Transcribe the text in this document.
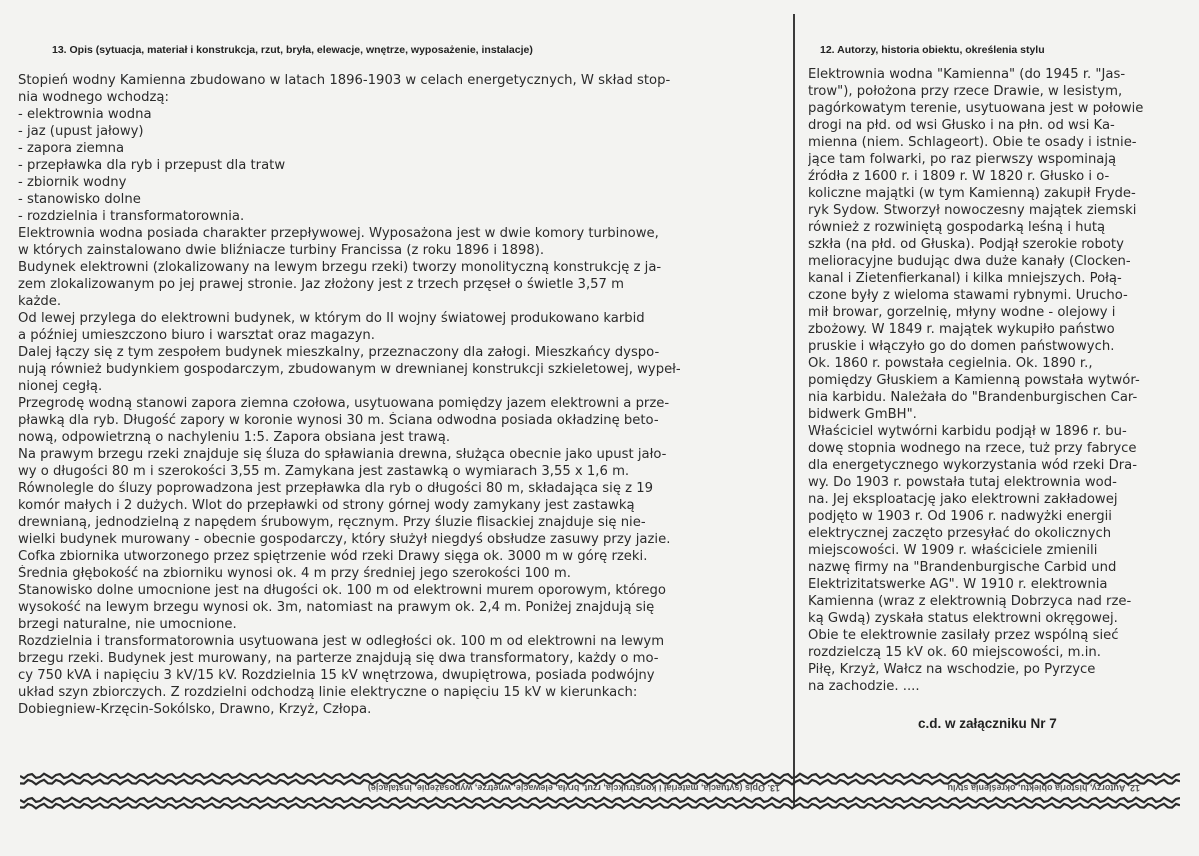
13. Opis (sytuacja, materiał i konstrukcja, rzut, bryła, elewacje, wnętrze, wyposażenie, instalacje)	12. Autorzy, historia obiektu, określenia stylu
Stopień wodny Kamienna zbudowano w latach 1896-1903 w celach energetycznych, W skład stop-
nia wodnego wchodzą:
- elektrownia wodna
- jaz (upust jałowy)
- zapora ziemna
- przepławka dla ryb i przepust dla tratw
- zbiornik wodny
- stanowisko dolne
- rozdzielnia i transformatorownia.
Elektrownia wodna posiada charakter przepływowej. Wyposażona jest w dwie komory turbinowe,
w których zainstalowano dwie bliźniacze turbiny Francissa (z roku 1896 i 1898).
Budynek elektrowni (zlokalizowany na lewym brzegu rzeki) tworzy monolityczną konstrukcję z ja-
zem zlokalizowanym po jej prawej stronie. Jaz złożony jest z trzech przęseł o świetle 3,57 m
każde.
Od lewej przylega do elektrowni budynek, w którym do II wojny światowej produkowano karbid
a później umieszczono biuro i warsztat oraz magazyn.
Dalej łączy się z tym zespołem budynek mieszkalny, przeznaczony dla załogi. Mieszkańcy dyspo-
nują również budynkiem gospodarczym, zbudowanym w drewnianej konstrukcji szkieletowej, wypeł-
nionej cegłą.
Przegrodę wodną stanowi zapora ziemna czołowa, usytuowana pomiędzy jazem elektrowni a prze-
pławką dla ryb. Długość zapory w koronie wynosi 30 m. Ściana odwodna posiada okładzinę beto-
nową, odpowietrzną o nachyleniu 1:5. Zapora obsiana jest trawą.
Na prawym brzegu rzeki znajduje się śluza do spławiania drewna, służąca obecnie jako upust jało-
wy o długości 80 m i szerokości 3,55 m. Zamykana jest zastawką o wymiarach 3,55 x 1,6 m.
Równolegle do śluzy poprowadzona jest przepławka dla ryb o długości 80 m, składająca się z 19
komór małych i 2 dużych. Wlot do przepławki od strony górnej wody zamykany jest zastawką
drewnianą, jednodzielną z napędem śrubowym, ręcznym. Przy śluzie flisackiej znajduje się nie-
wielki budynek murowany - obecnie gospodarczy, który służył niegdyś obsłudze zasuwy przy jazie.
Cofka zbiornika utworzonego przez spiętrzenie wód rzeki Drawy sięga ok. 3000 m w górę rzeki.
Średnia głębokość na zbiorniku wynosi ok. 4 m przy średniej jego szerokości 100 m.
Stanowisko dolne umocnione jest na długości ok. 100 m od elektrowni murem oporowym, którego
wysokość na lewym brzegu wynosi ok. 3m, natomiast na prawym ok. 2,4 m. Poniżej znajdują się
brzegi naturalne, nie umocnione.
Rozdzielnia i transformatorownia usytuowana jest w odległości ok. 100 m od elektrowni na lewym
brzegu rzeki. Budynek jest murowany, na parterze znajdują się dwa transformatory, każdy o mo-
cy 750 kVA i napięciu 3 kV/15 kV. Rozdzielnia 15 kV wnętrzowa, dwupiętrowa, posiada podwójny
układ szyn zbiorczych. Z rozdzielni odchodzą linie elektryczne o napięciu 15 kV w kierunkach:
Dobiegniew-Krzęcin-Sokólsko, Drawno, Krzyż, Człopa.
Elektrownia wodna "Kamienna" (do 1945 r. "Jas-
trow"), położona przy rzece Drawie, w lesistym,
pagórkowatym terenie, usytuowana jest w połowie
drogi na płd. od wsi Głusko i na płn. od wsi Ka-
mienna (niem. Schlageort). Obie te osady i istnie-
jące tam folwarki, po raz pierwszy wspominają
źródła z 1600 r. i 1809 r. W 1820 r. Głusko i o-
koliczne majątki (w tym Kamienną) zakupił Fryde-
ryk Sydow. Stworzył nowoczesny majątek ziemski
również z rozwiniętą gospodarką leśną i hutą
szkła (na płd. od Głuska). Podjął szerokie roboty
melioracyjne budując dwa duże kanały (Clocken-
kanal i Zietenfierkanal) i kilka mniejszych. Połą-
czone były z wieloma stawami rybnymi. Urucho-
mił browar, gorzelnię, młyny wodne - olejowy i
zbożowy. W 1849 r. majątek wykupiło państwo
pruskie i włączyło go do domen państwowych.
Ok. 1860 r. powstała cegielnia. Ok. 1890 r.,
pomiędzy Głuskiem a Kamienną powstała wytwór-
nia karbidu. Należała do "Brandenburgischen Car-
bidwerk GmBH".
Właściciel wytwórni karbidu podjął w 1896 r. bu-
dowę stopnia wodnego na rzece, tuż przy fabryce
dla energetycznego wykorzystania wód rzeki Dra-
wy. Do 1903 r. powstała tutaj elektrownia wod-
na. Jej eksploatację jako elektrowni zakładowej
podjęto w 1903 r. Od 1906 r. nadwyżki energii
elektrycznej zaczęto przesyłać do okolicznych
miejscowości. W 1909 r. właściciele zmienili
nazwę firmy na "Brandenburgische Carbid und
Elektrizitatswerke AG". W 1910 r. elektrownia
Kamienna (wraz z elektrownią Dobrzyca nad rze-
ką Gwdą) zyskała status elektrowni okręgowej.
Obie te elektrownie zasilały przez wspólną sieć
rozdzielczą 15 kV ok. 60 miejscowości, m.in.
Piłę, Krzyż, Wałcz na wschodzie, po Pyrzyce
na zachodzie. ....
c.d. w załączniku Nr 7
13. Opis (sytuacja, materiał i konstrukcja, rzut, bryła, elewacje, wnętrze, wyposażenie, instalacje)	12. Autorzy, historia obiektu, określenia stylu
